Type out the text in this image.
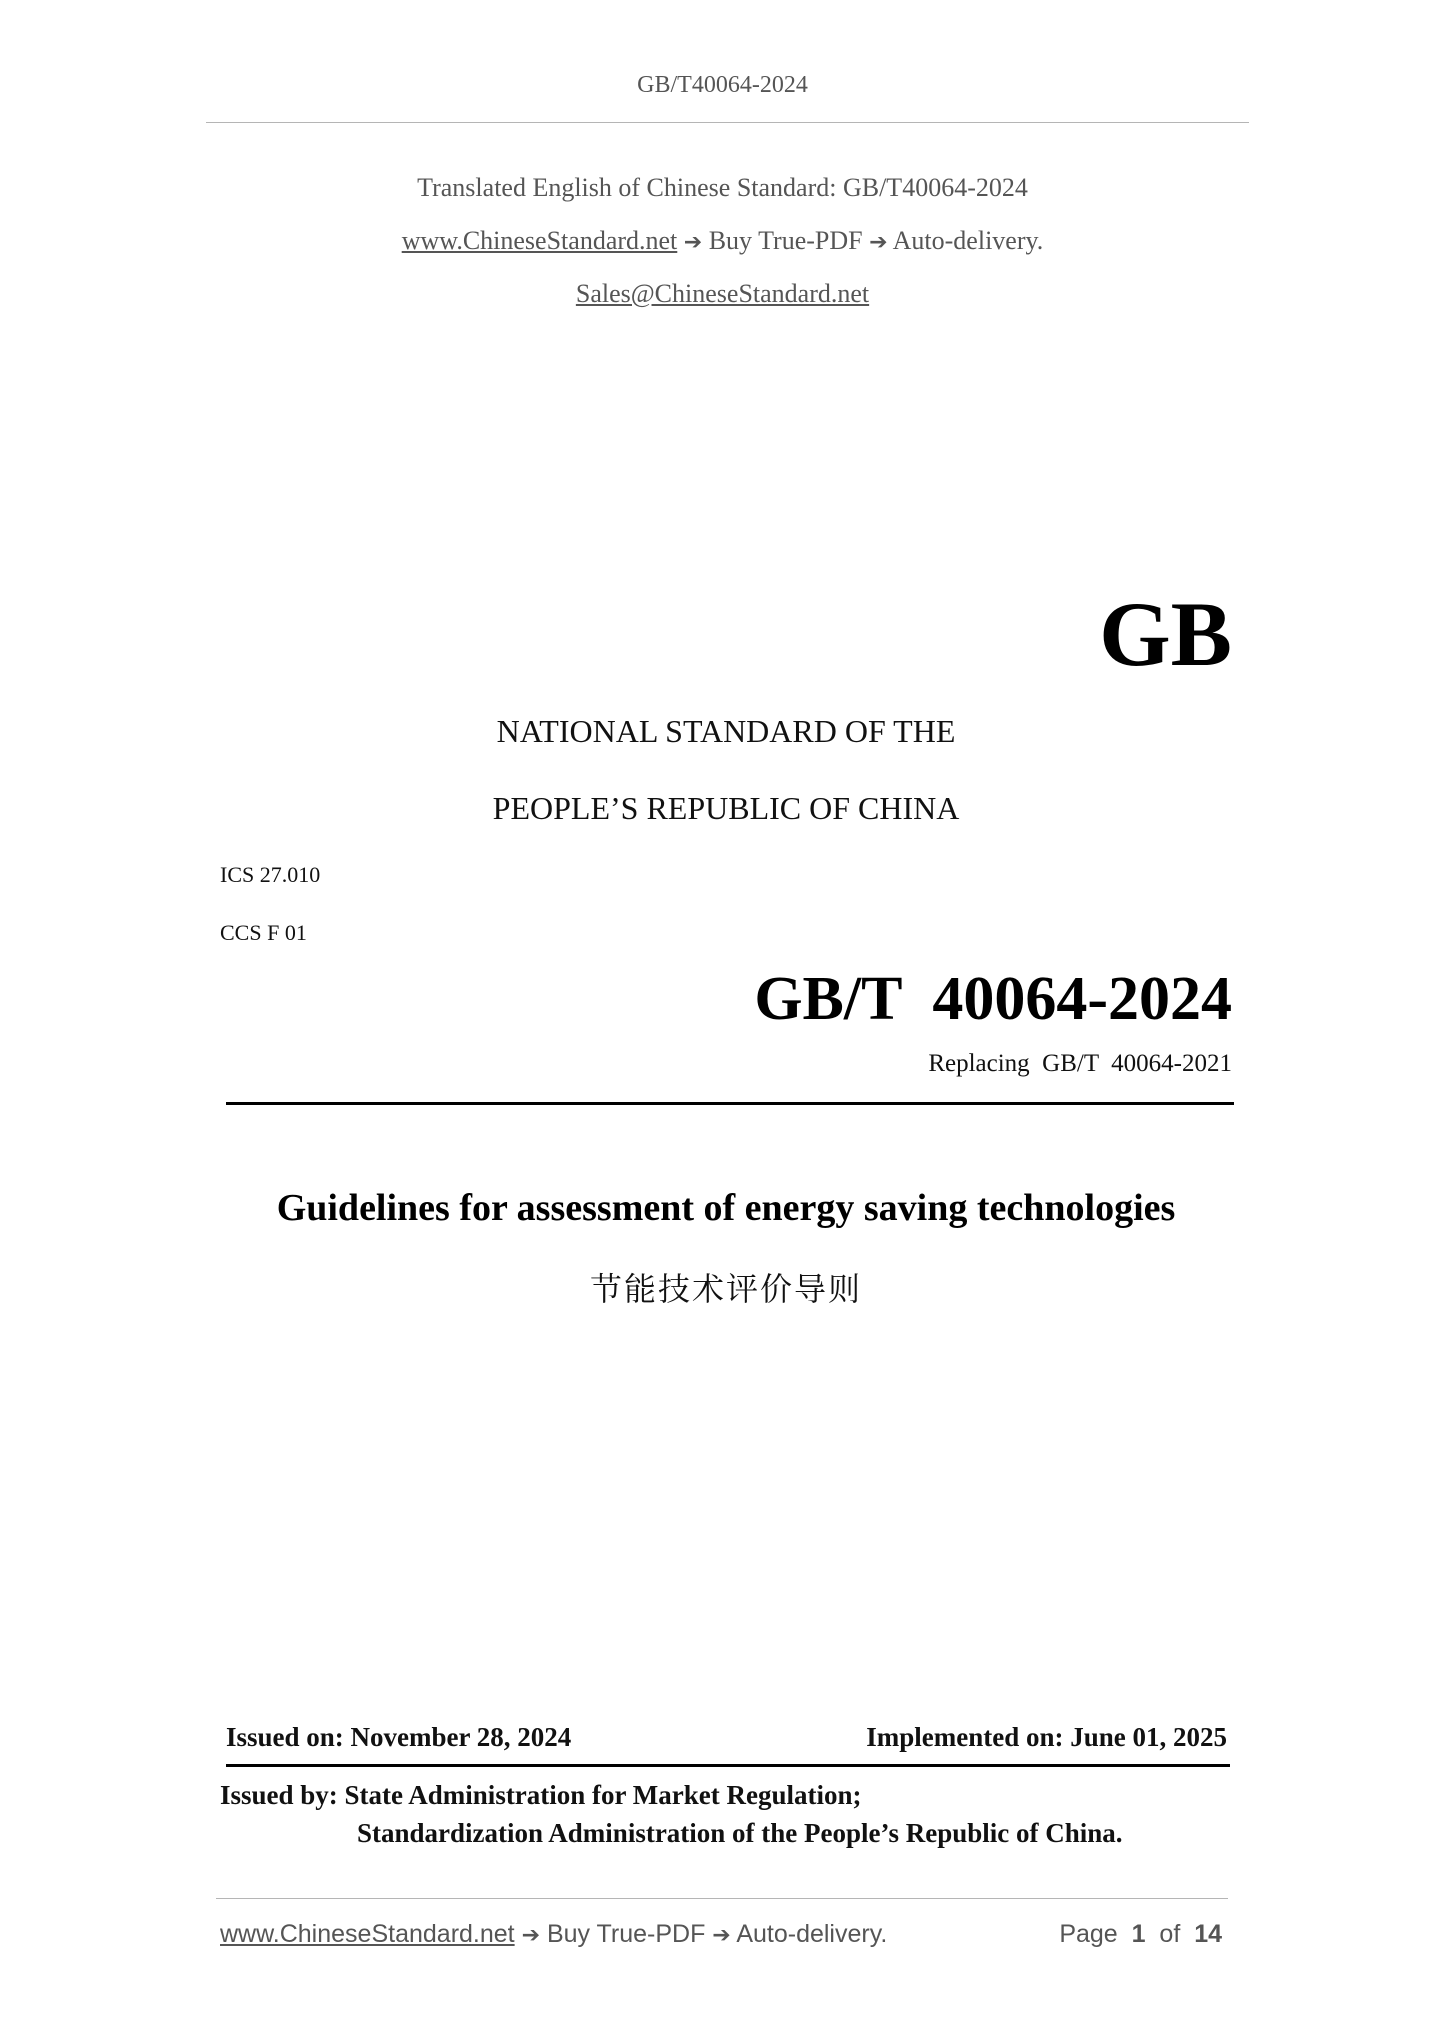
GB/T40064-2024
Translated English of Chinese Standard: GB/T40064-2024
www.ChineseStandard.net ➔ Buy True-PDF ➔ Auto-delivery.
Sales@ChineseStandard.net
GB
NATIONAL STANDARD OF THE
PEOPLE’S REPUBLIC OF CHINA
ICS 27.010
CCS F 01
GB/T  40064-2024
Replacing  GB/T  40064-2021
Guidelines for assessment of energy saving technologies
节能技术评价导则
Issued on: November 28, 2024	Implemented on: June 01, 2025
Issued by: State Administration for Market Regulation;
Standardization Administration of the People’s Republic of China.
www.ChineseStandard.net ➔ Buy True-PDF ➔ Auto-delivery.	Page 1 of 14
